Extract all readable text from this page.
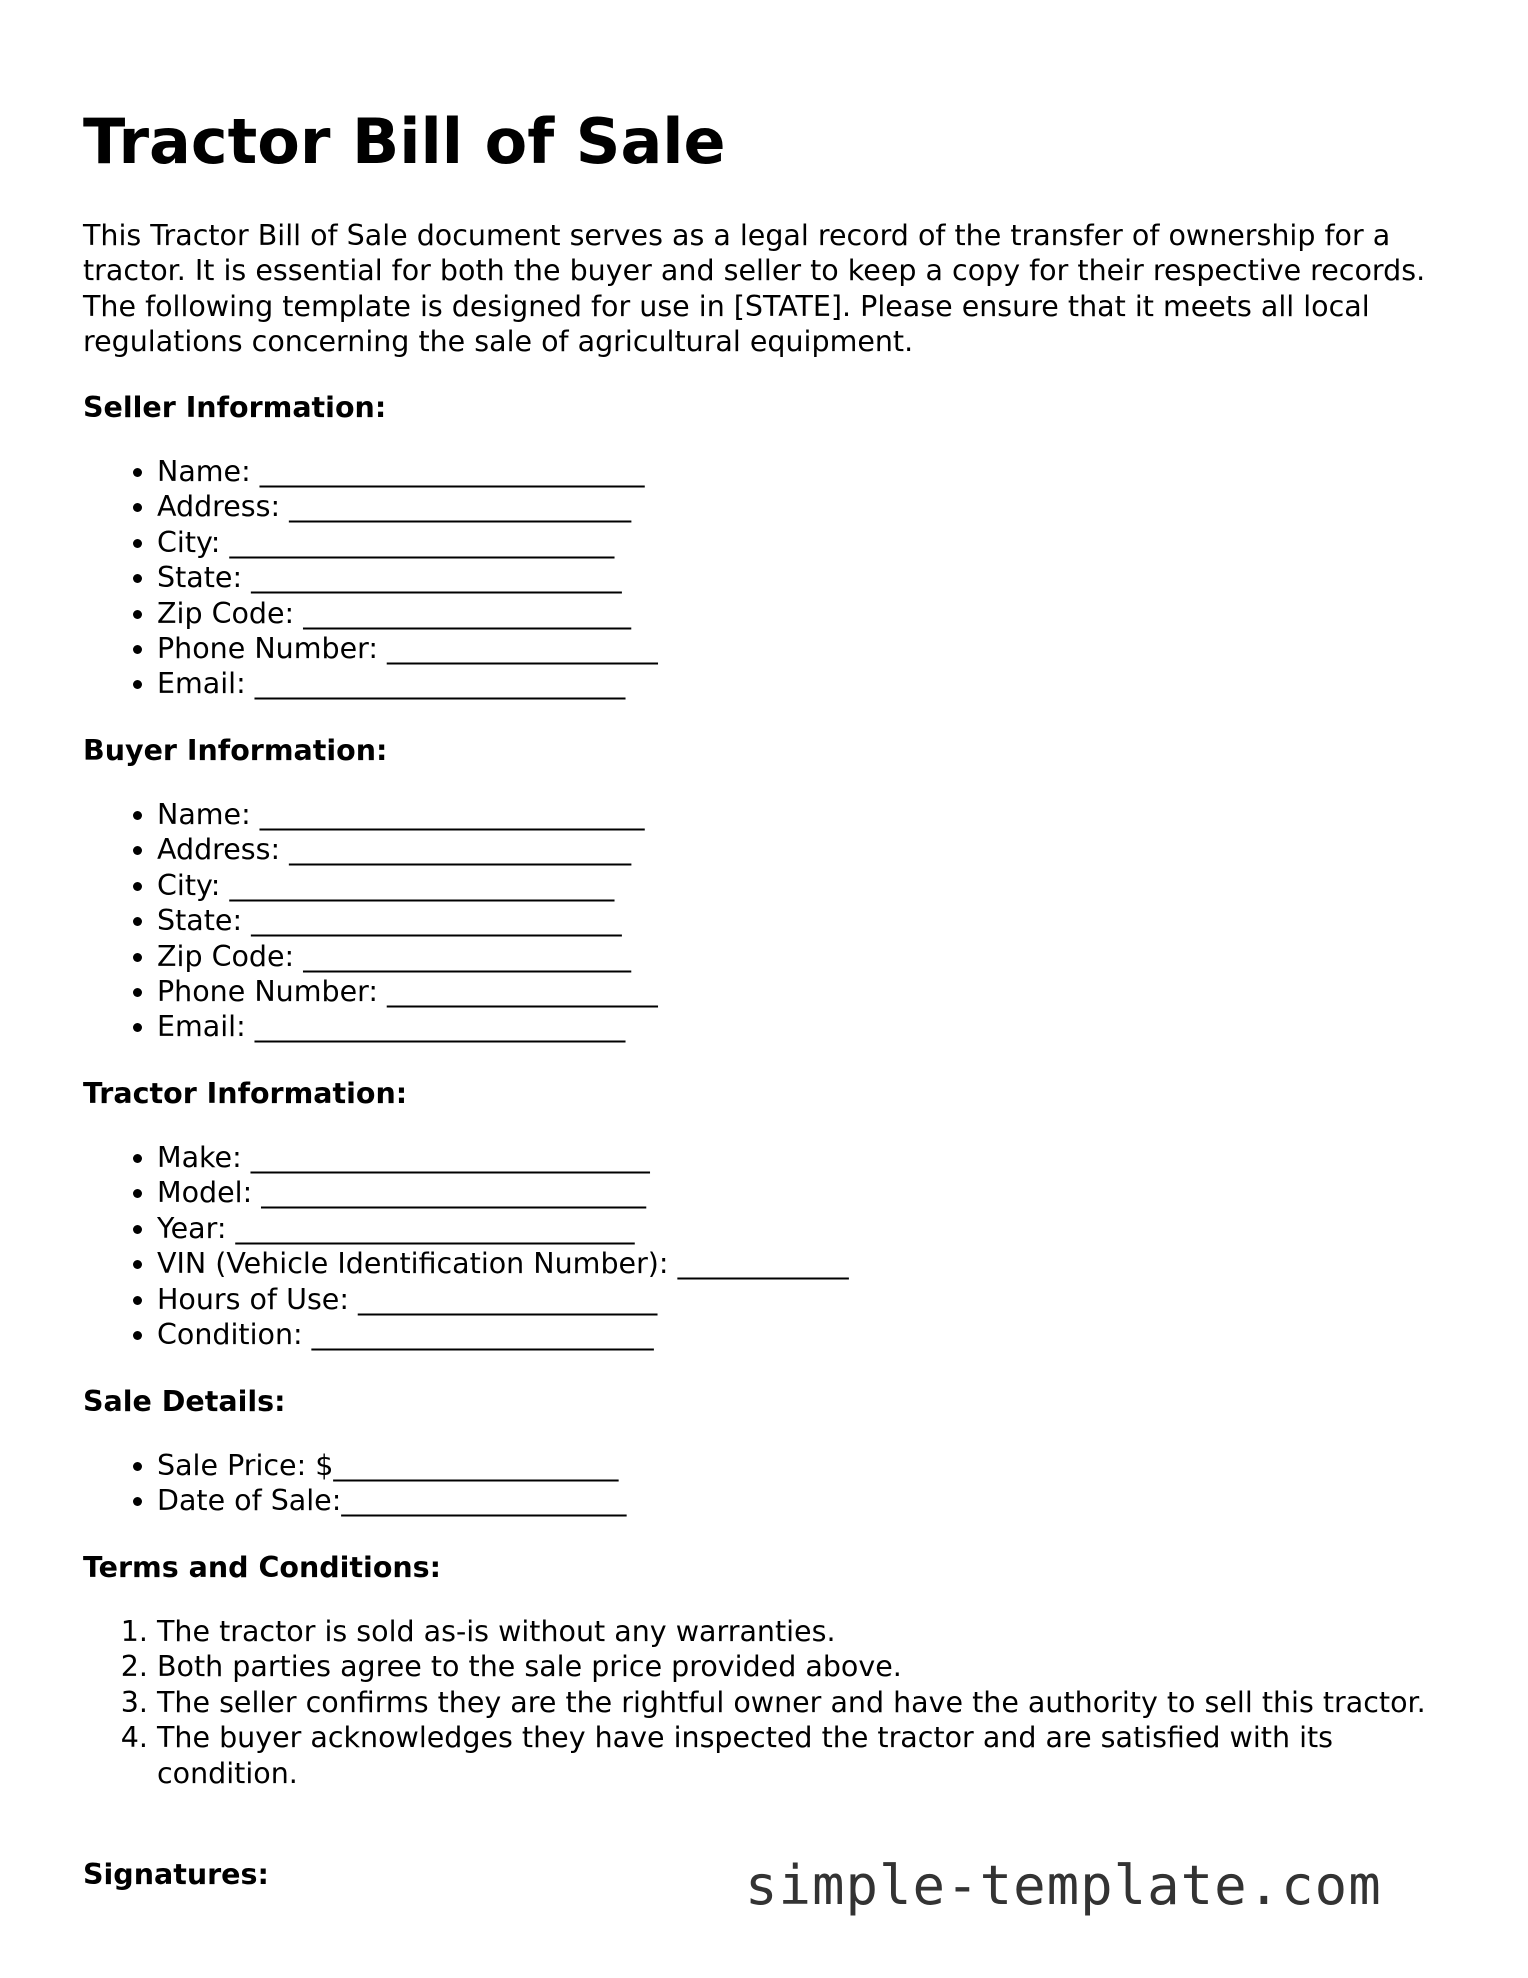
Tractor Bill of Sale

This Tractor Bill of Sale document serves as a legal record of the transfer of ownership for a tractor. It is essential for both the buyer and seller to keep a copy for their respective records. The following template is designed for use in [STATE]. Please ensure that it meets all local regulations concerning the sale of agricultural equipment.

Seller Information:
• Name: ___________________________
• Address: ________________________
• City: ___________________________
• State: __________________________
• Zip Code: _______________________
• Phone Number: ___________________
• Email: __________________________
Buyer Information:
• Name: ___________________________
• Address: ________________________
• City: ___________________________
• State: __________________________
• Zip Code: _______________________
• Phone Number: ___________________
• Email: __________________________
Tractor Information:
• Make: ____________________________
• Model: ___________________________
• Year: ____________________________
• VIN (Vehicle Identification Number): ____________
• Hours of Use: _____________________
• Condition: ________________________
Sale Details:
• Sale Price: $____________________
• Date of Sale:____________________
Terms and Conditions:
1. The tractor is sold as-is without any warranties.
2. Both parties agree to the sale price provided above.
3. The seller confirms they are the rightful owner and have the authority to sell this tractor.
4. The buyer acknowledges they have inspected the tractor and are satisfied with its condition.
Signatures:	simple-template.com
